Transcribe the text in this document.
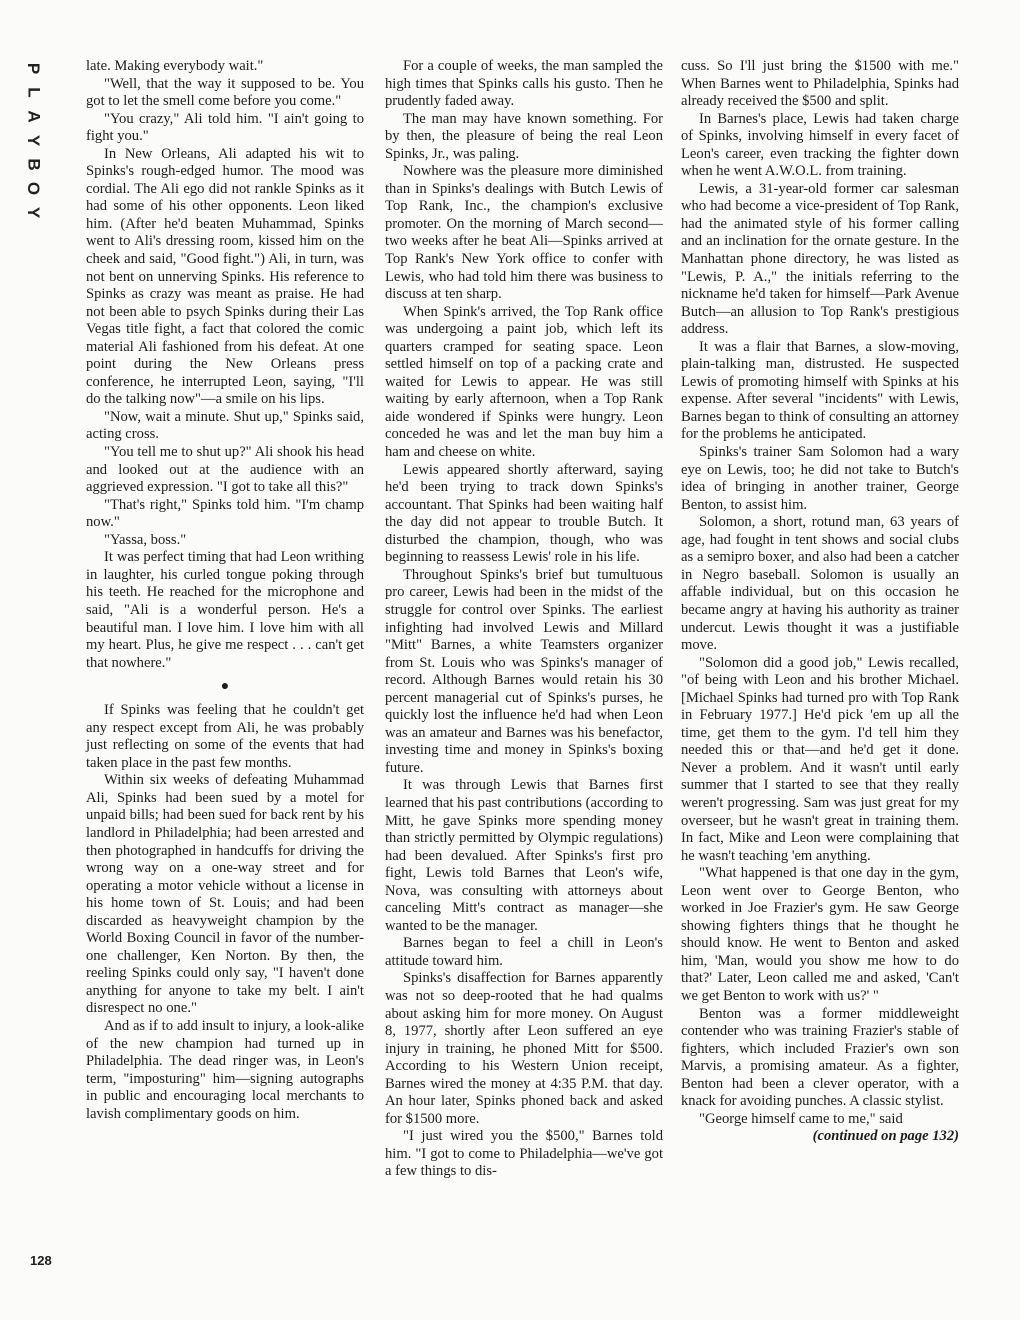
P
L
A
Y
B
O
Y

late. Making everybody wait."

"Well, that the way it supposed to be. You got to let the smell come before you come."

"You crazy," Ali told him. "I ain't going to fight you."

In New Orleans, Ali adapted his wit to Spinks's rough-edged humor. The mood was cordial. The Ali ego did not rankle Spinks as it had some of his other opponents. Leon liked him. (After he'd beaten Muhammad, Spinks went to Ali's dressing room, kissed him on the cheek and said, "Good fight.") Ali, in turn, was not bent on unnerving Spinks. His reference to Spinks as crazy was meant as praise. He had not been able to psych Spinks during their Las Vegas title fight, a fact that colored the comic material Ali fashioned from his defeat. At one point during the New Orleans press conference, he interrupted Leon, saying, "I'll do the talking now"—a smile on his lips.

"Now, wait a minute. Shut up," Spinks said, acting cross.

"You tell me to shut up?" Ali shook his head and looked out at the audience with an aggrieved expression. "I got to take all this?"

"That's right," Spinks told him. "I'm champ now."

"Yassa, boss."

It was perfect timing that had Leon writhing in laughter, his curled tongue poking through his teeth. He reached for the microphone and said, "Ali is a wonderful person. He's a beautiful man. I love him. I love him with all my heart. Plus, he give me respect . . . can't get that nowhere."

●

If Spinks was feeling that he couldn't get any respect except from Ali, he was probably just reflecting on some of the events that had taken place in the past few months.

Within six weeks of defeating Muhammad Ali, Spinks had been sued by a motel for unpaid bills; had been sued for back rent by his landlord in Philadelphia; had been arrested and then photographed in handcuffs for driving the wrong way on a one-way street and for operating a motor vehicle without a license in his home town of St. Louis; and had been discarded as heavyweight champion by the World Boxing Council in favor of the number-one challenger, Ken Norton. By then, the reeling Spinks could only say, "I haven't done anything for anyone to take my belt. I ain't disrespect no one."

And as if to add insult to injury, a look-alike of the new champion had turned up in Philadelphia. The dead ringer was, in Leon's term, "imposturing" him—signing autographs in public and encouraging local merchants to lavish complimentary goods on him.

For a couple of weeks, the man sampled the high times that Spinks calls his gusto. Then he prudently faded away.

The man may have known something. For by then, the pleasure of being the real Leon Spinks, Jr., was paling.

Nowhere was the pleasure more diminished than in Spinks's dealings with Butch Lewis of Top Rank, Inc., the champion's exclusive promoter. On the morning of March second—two weeks after he beat Ali—Spinks arrived at Top Rank's New York office to confer with Lewis, who had told him there was business to discuss at ten sharp.

When Spink's arrived, the Top Rank office was undergoing a paint job, which left its quarters cramped for seating space. Leon settled himself on top of a packing crate and waited for Lewis to appear. He was still waiting by early afternoon, when a Top Rank aide wondered if Spinks were hungry. Leon conceded he was and let the man buy him a ham and cheese on white.

Lewis appeared shortly afterward, saying he'd been trying to track down Spinks's accountant. That Spinks had been waiting half the day did not appear to trouble Butch. It disturbed the champion, though, who was beginning to reassess Lewis' role in his life.

Throughout Spinks's brief but tumultuous pro career, Lewis had been in the midst of the struggle for control over Spinks. The earliest infighting had involved Lewis and Millard "Mitt" Barnes, a white Teamsters organizer from St. Louis who was Spinks's manager of record. Although Barnes would retain his 30 percent managerial cut of Spinks's purses, he quickly lost the influence he'd had when Leon was an amateur and Barnes was his benefactor, investing time and money in Spinks's boxing future.

It was through Lewis that Barnes first learned that his past contributions (according to Mitt, he gave Spinks more spending money than strictly permitted by Olympic regulations) had been devalued. After Spinks's first pro fight, Lewis told Barnes that Leon's wife, Nova, was consulting with attorneys about canceling Mitt's contract as manager—she wanted to be the manager.

Barnes began to feel a chill in Leon's attitude toward him.

Spinks's disaffection for Barnes apparently was not so deep-rooted that he had qualms about asking him for more money. On August 8, 1977, shortly after Leon suffered an eye injury in training, he phoned Mitt for $500. According to his Western Union receipt, Barnes wired the money at 4:35 P.M. that day. An hour later, Spinks phoned back and asked for $1500 more.

"I just wired you the $500," Barnes told him. "I got to come to Philadelphia—we've got a few things to dis-

cuss. So I'll just bring the $1500 with me." When Barnes went to Philadelphia, Spinks had already received the $500 and split.

In Barnes's place, Lewis had taken charge of Spinks, involving himself in every facet of Leon's career, even tracking the fighter down when he went A.W.O.L. from training.

Lewis, a 31-year-old former car salesman who had become a vice-president of Top Rank, had the animated style of his former calling and an inclination for the ornate gesture. In the Manhattan phone directory, he was listed as "Lewis, P. A.," the initials referring to the nickname he'd taken for himself—Park Avenue Butch—an allusion to Top Rank's prestigious address.

It was a flair that Barnes, a slow-moving, plain-talking man, distrusted. He suspected Lewis of promoting himself with Spinks at his expense. After several "incidents" with Lewis, Barnes began to think of consulting an attorney for the problems he anticipated.

Spinks's trainer Sam Solomon had a wary eye on Lewis, too; he did not take to Butch's idea of bringing in another trainer, George Benton, to assist him.

Solomon, a short, rotund man, 63 years of age, had fought in tent shows and social clubs as a semipro boxer, and also had been a catcher in Negro baseball. Solomon is usually an affable individual, but on this occasion he became angry at having his authority as trainer undercut. Lewis thought it was a justifiable move.

"Solomon did a good job," Lewis recalled, "of being with Leon and his brother Michael. [Michael Spinks had turned pro with Top Rank in February 1977.] He'd pick 'em up all the time, get them to the gym. I'd tell him they needed this or that—and he'd get it done. Never a problem. And it wasn't until early summer that I started to see that they really weren't progressing. Sam was just great for my overseer, but he wasn't great in training them. In fact, Mike and Leon were complaining that he wasn't teaching 'em anything.

"What happened is that one day in the gym, Leon went over to George Benton, who worked in Joe Frazier's gym. He saw George showing fighters things that he thought he should know. He went to Benton and asked him, 'Man, would you show me how to do that?' Later, Leon called me and asked, 'Can't we get Benton to work with us?' "

Benton was a former middleweight contender who was training Frazier's stable of fighters, which included Frazier's own son Marvis, a promising amateur. As a fighter, Benton had been a clever operator, with a knack for avoiding punches. A classic stylist.

"George himself came to me," said

(continued on page 132)

128
